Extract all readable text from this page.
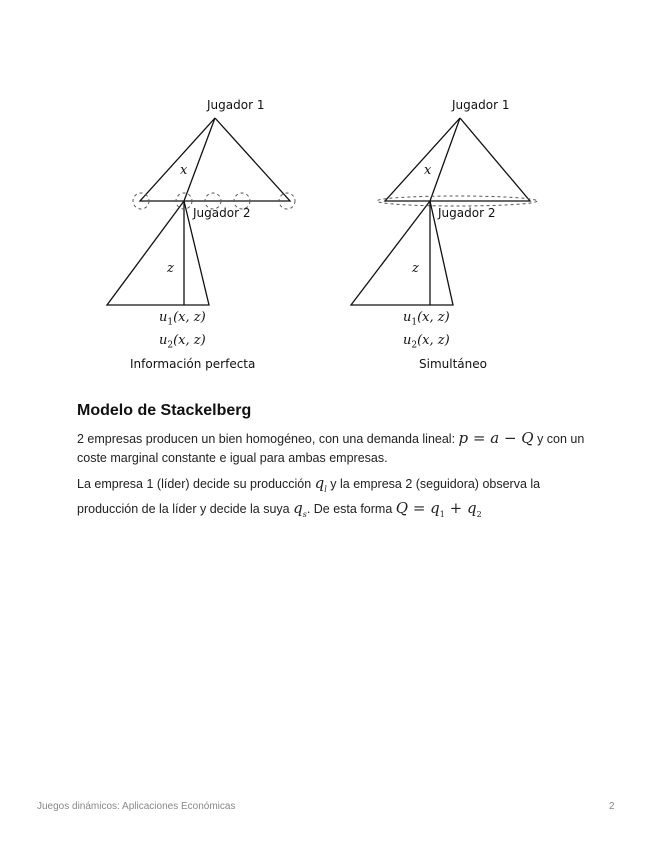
Jugador 1
x
Jugador 2
z
$u_1(x$, z)
$u_2(x$, z)
Información perfecta
Jugador 1
x
Jugador 2
z
$u_1(x$, z)
$u_2(x$, z)
Simultáneo
Modelo de Stackelberg

2 empresas producen un bien homogéneo, con una demanda lineal: p = a − Q y con un coste marginal constante e igual para ambas empresas.

La empresa 1 (líder) decide su producción $q_l$ y la empresa 2 (seguidora) observa la producción de la líder y decide la suya $q_s$. De esta forma $Q = q_1 + q_2$

Juegos dinámicos: Aplicaciones Económicas	2
